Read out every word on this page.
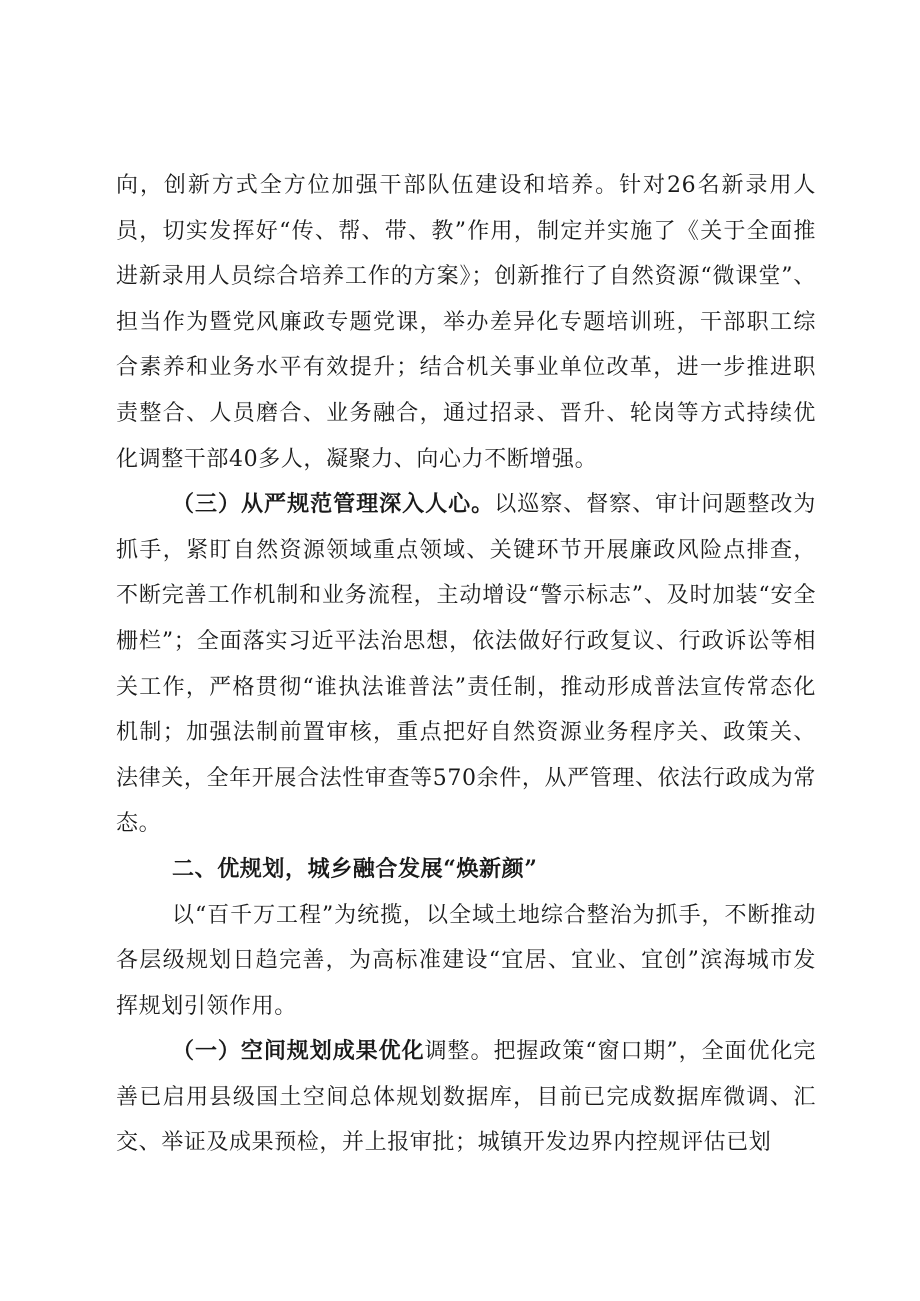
向，创新方式全方位加强干部队伍建设和培养。针对26名新录用人员，切实发挥好“传、帮、带、教”作用，制定并实施了《关于全面推进新录用人员综合培养工作的方案》；创新推行了自然资源“微课堂”、担当作为暨党风廉政专题党课，举办差异化专题培训班，干部职工综合素养和业务水平有效提升；结合机关事业单位改革，进一步推进职责整合、人员磨合、业务融合，通过招录、晋升、轮岗等方式持续优化调整干部40多人，凝聚力、向心力不断增强。

（三）从严规范管理深入人心。以巡察、督察、审计问题整改为抓手，紧盯自然资源领域重点领域、关键环节开展廉政风险点排查，不断完善工作机制和业务流程，主动增设“警示标志”、及时加装“安全栅栏”；全面落实习近平法治思想，依法做好行政复议、行政诉讼等相关工作，严格贯彻“谁执法谁普法”责任制，推动形成普法宣传常态化机制；加强法制前置审核，重点把好自然资源业务程序关、政策关、法律关，全年开展合法性审查等570余件，从严管理、依法行政成为常态。

二、优规划，城乡融合发展“焕新颜”

以“百千万工程”为统揽，以全域土地综合整治为抓手，不断推动各层级规划日趋完善，为高标准建设“宜居、宜业、宜创”滨海城市发挥规划引领作用。

（一）空间规划成果优化调整。把握政策“窗口期”，全面优化完善已启用县级国土空间总体规划数据库，目前已完成数据库微调、汇交、举证及成果预检，并上报审批；城镇开发边界内控规评估已划
